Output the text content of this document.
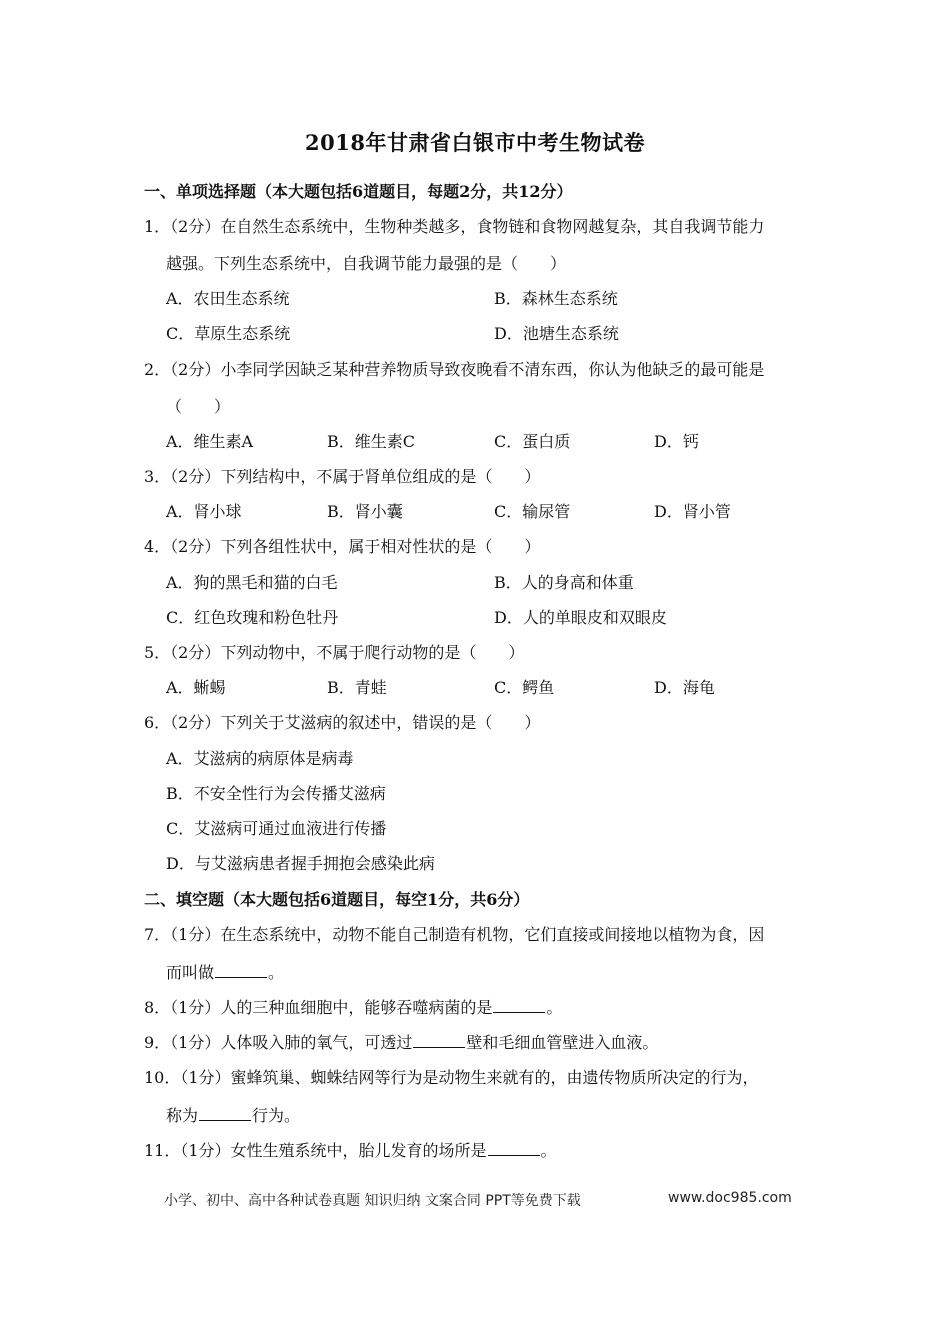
2018年甘肃省白银市中考生物试卷
一、单项选择题（本大题包括6道题目，每题2分，共12分）
1．（2分）在自然生态系统中，生物种类越多，食物链和食物网越复杂，其自我调节能力
越强。下列生态系统中，自我调节能力最强的是（　　）
A．农田生态系统	B．森林生态系统
C．草原生态系统	D．池塘生态系统
2．（2分）小李同学因缺乏某种营养物质导致夜晚看不清东西，你认为他缺乏的最可能是
（　　）
A．维生素A	B．维生素C	C．蛋白质	D．钙
3．（2分）下列结构中，不属于肾单位组成的是（　　）
A．肾小球	B．肾小囊	C．输尿管	D．肾小管
4．（2分）下列各组性状中，属于相对性状的是（　　）
A．狗的黑毛和猫的白毛	B．人的身高和体重
C．红色玫瑰和粉色牡丹	D．人的单眼皮和双眼皮
5．（2分）下列动物中，不属于爬行动物的是（　　）
A．蜥蜴	B．青蛙	C．鳄鱼	D．海龟
6．（2分）下列关于艾滋病的叙述中，错误的是（　　）
A．艾滋病的病原体是病毒
B．不安全性行为会传播艾滋病
C．艾滋病可通过血液进行传播
D．与艾滋病患者握手拥抱会感染此病
二、填空题（本大题包括6道题目，每空1分，共6分）
7．（1分）在生态系统中，动物不能自己制造有机物，它们直接或间接地以植物为食，因
而叫做	。
8．（1分）人的三种血细胞中，能够吞噬病菌的是	。
9．（1分）人体吸入肺的氧气，可透过	壁和毛细血管壁进入血液。
10．（1分）蜜蜂筑巢、蜘蛛结网等行为是动物生来就有的，由遗传物质所决定的行为，
称为	行为。
11．（1分）女性生殖系统中，胎儿发育的场所是	。
小学、初中、高中各种试卷真题 知识归纳 文案合同 PPT等免费下载	www.doc985.com
